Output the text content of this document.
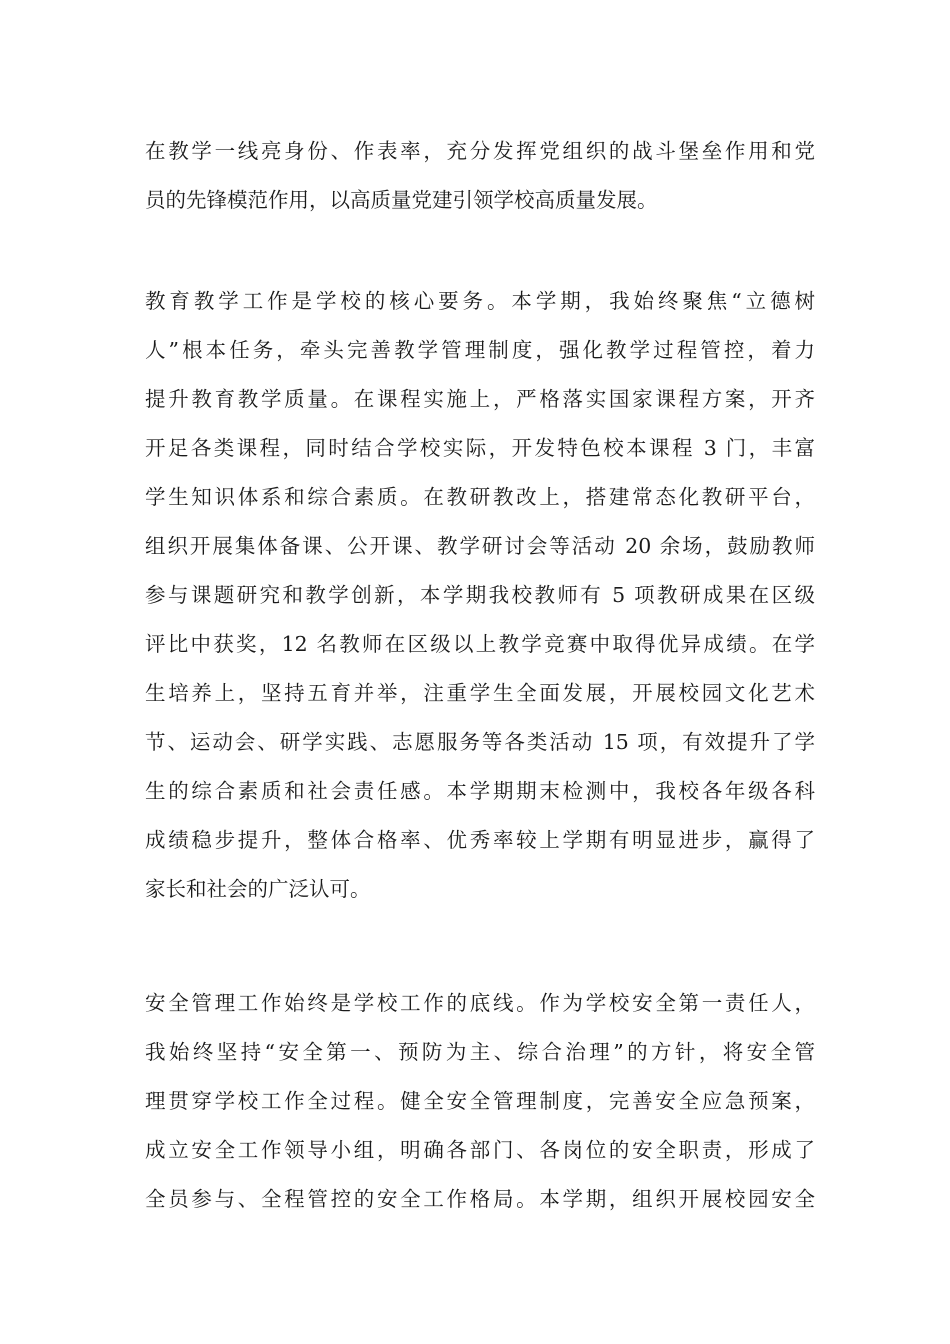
在教学一线亮身份、作表率，充分发挥党组织的战斗堡垒作用和党
员的先锋模范作用，以高质量党建引领学校高质量发展。
教育教学工作是学校的核心要务。本学期，我始终聚焦“立德树
人”根本任务，牵头完善教学管理制度，强化教学过程管控，着力
提升教育教学质量。在课程实施上，严格落实国家课程方案，开齐
开足各类课程，同时结合学校实际，开发特色校本课程 3 门，丰富
学生知识体系和综合素质。在教研教改上，搭建常态化教研平台，
组织开展集体备课、公开课、教学研讨会等活动 20 余场，鼓励教师
参与课题研究和教学创新，本学期我校教师有 5 项教研成果在区级
评比中获奖，12 名教师在区级以上教学竞赛中取得优异成绩。在学
生培养上，坚持五育并举，注重学生全面发展，开展校园文化艺术
节、运动会、研学实践、志愿服务等各类活动 15 项，有效提升了学
生的综合素质和社会责任感。本学期期末检测中，我校各年级各科
成绩稳步提升，整体合格率、优秀率较上学期有明显进步，赢得了
家长和社会的广泛认可。
安全管理工作始终是学校工作的底线。作为学校安全第一责任人，
我始终坚持“安全第一、预防为主、综合治理”的方针，将安全管
理贯穿学校工作全过程。健全安全管理制度，完善安全应急预案，
成立安全工作领导小组，明确各部门、各岗位的安全职责，形成了
全员参与、全程管控的安全工作格局。本学期，组织开展校园安全
